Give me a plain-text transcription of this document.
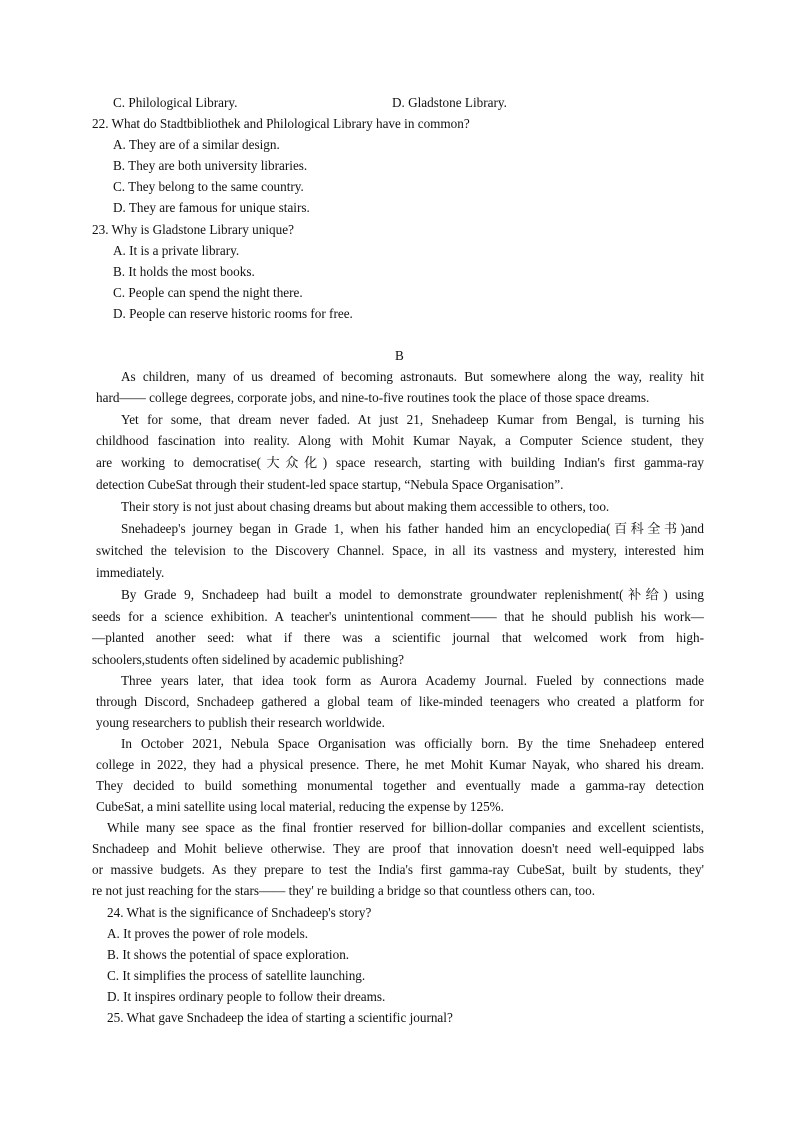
C. Philological Library.	D. Gladstone Library.
22. What do Stadtbibliothek and Philological Library have in common?
A. They are of a similar design.
B. They are both university libraries.
C. They belong to the same country.
D. They are famous for unique stairs.
23. Why is Gladstone Library unique?
A. It is a private library.
B. It holds the most books.
C. People can spend the night there.
D. People can reserve historic rooms for free.
B
As children, many of us dreamed of becoming astronauts. But somewhere along the way, reality hit
hard—— college degrees, corporate jobs, and nine-to-five routines took the place of those space dreams.
Yet for some, that dream never faded. At just 21, Snehadeep Kumar from Bengal, is turning his
childhood fascination into reality. Along with Mohit Kumar Nayak, a Computer Science student, they
are working to democratise(大众化) space research, starting with building Indian's first gamma-ray
detection CubeSat through their student-led space startup, “Nebula Space Organisation”.
Their story is not just about chasing dreams but about making them accessible to others, too.
Snehadeep's journey began in Grade 1, when his father handed him an encyclopedia(百科全书)and
switched the television to the Discovery Channel. Space, in all its vastness and mystery, interested him
immediately.
By Grade 9, Snchadeep had built a model to demonstrate groundwater replenishment(补给) using
seeds for a science exhibition. A teacher's unintentional comment—— that he should publish his work—
—planted another seed: what if there was a scientific journal that welcomed work from high-
schoolers,students often sidelined by academic publishing?
Three years later, that idea took form as Aurora Academy Journal. Fueled by connections made
through Discord, Snchadeep gathered a global team of like-minded teenagers who created a platform for
young researchers to publish their research worldwide.
In October 2021, Nebula Space Organisation was officially born. By the time Snehadeep entered
college in 2022, they had a physical presence. There, he met Mohit Kumar Nayak, who shared his dream.
They decided to build something monumental together and eventually made a gamma-ray detection
CubeSat, a mini satellite using local material, reducing the expense by 125%.
While many see space as the final frontier reserved for billion-dollar companies and excellent scientists,
Snchadeep and Mohit believe otherwise. They are proof that innovation doesn't need well-equipped labs
or massive budgets. As they prepare to test the India's first gamma-ray CubeSat, built by students, they'
re not just reaching for the stars—— they' re building a bridge so that countless others can, too.
24. What is the significance of Snchadeep's story?
A. It proves the power of role models.
B. It shows the potential of space exploration.
C. It simplifies the process of satellite launching.
D. It inspires ordinary people to follow their dreams.
25. What gave Snchadeep the idea of starting a scientific journal?
